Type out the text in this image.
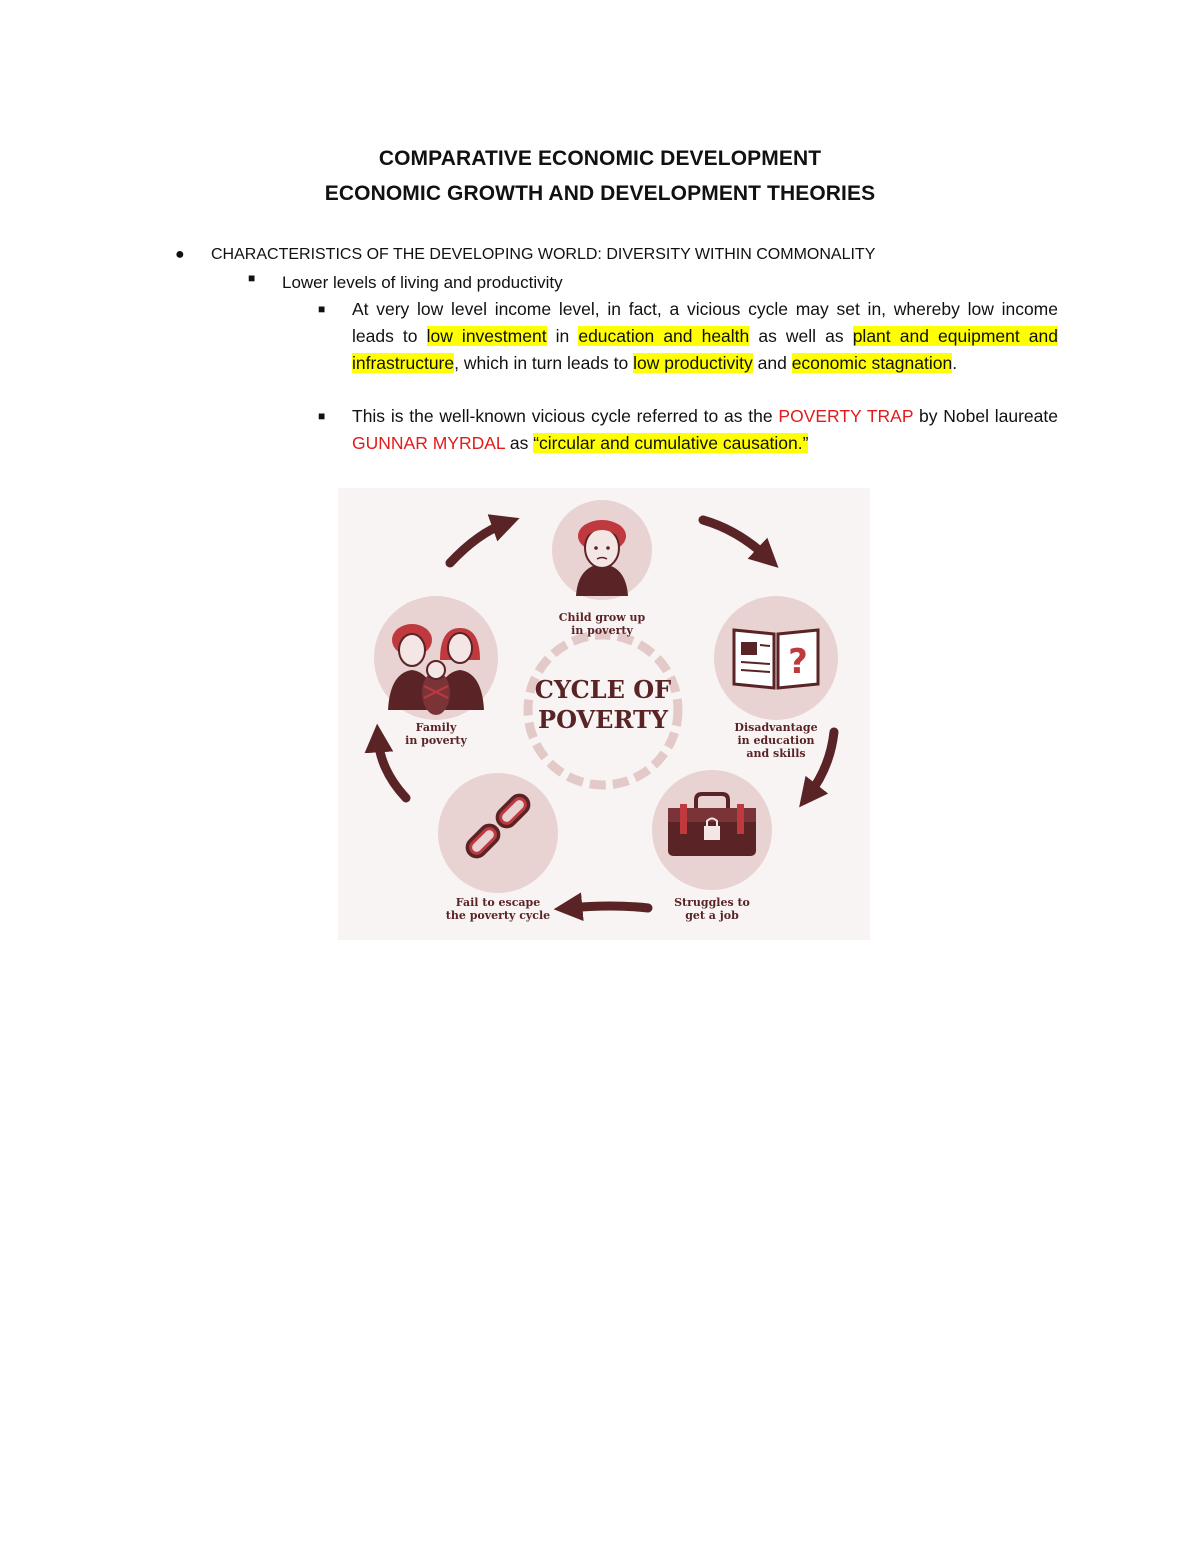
COMPARATIVE ECONOMIC DEVELOPMENT
ECONOMIC GROWTH AND DEVELOPMENT THEORIES
● CHARACTERISTICS OF THE DEVELOPING WORLD: DIVERSITY WITHIN COMMONALITY
■ Lower levels of living and productivity
■ At very low level income level, in fact, a vicious cycle may set in, whereby low income leads to low investment in education and health as well as plant and equipment and infrastructure, which in turn leads to low productivity and economic stagnation.
■ This is the well-known vicious cycle referred to as the POVERTY TRAP by Nobel laureate GUNNAR MYRDAL as “circular and cumulative causation.”
CYCLE OF
POVERTY
Child grow up
in poverty
?
Disadvantage
in education
and skills
Struggles to
get a job
Fail to escape
the poverty cycle
Family
in poverty
